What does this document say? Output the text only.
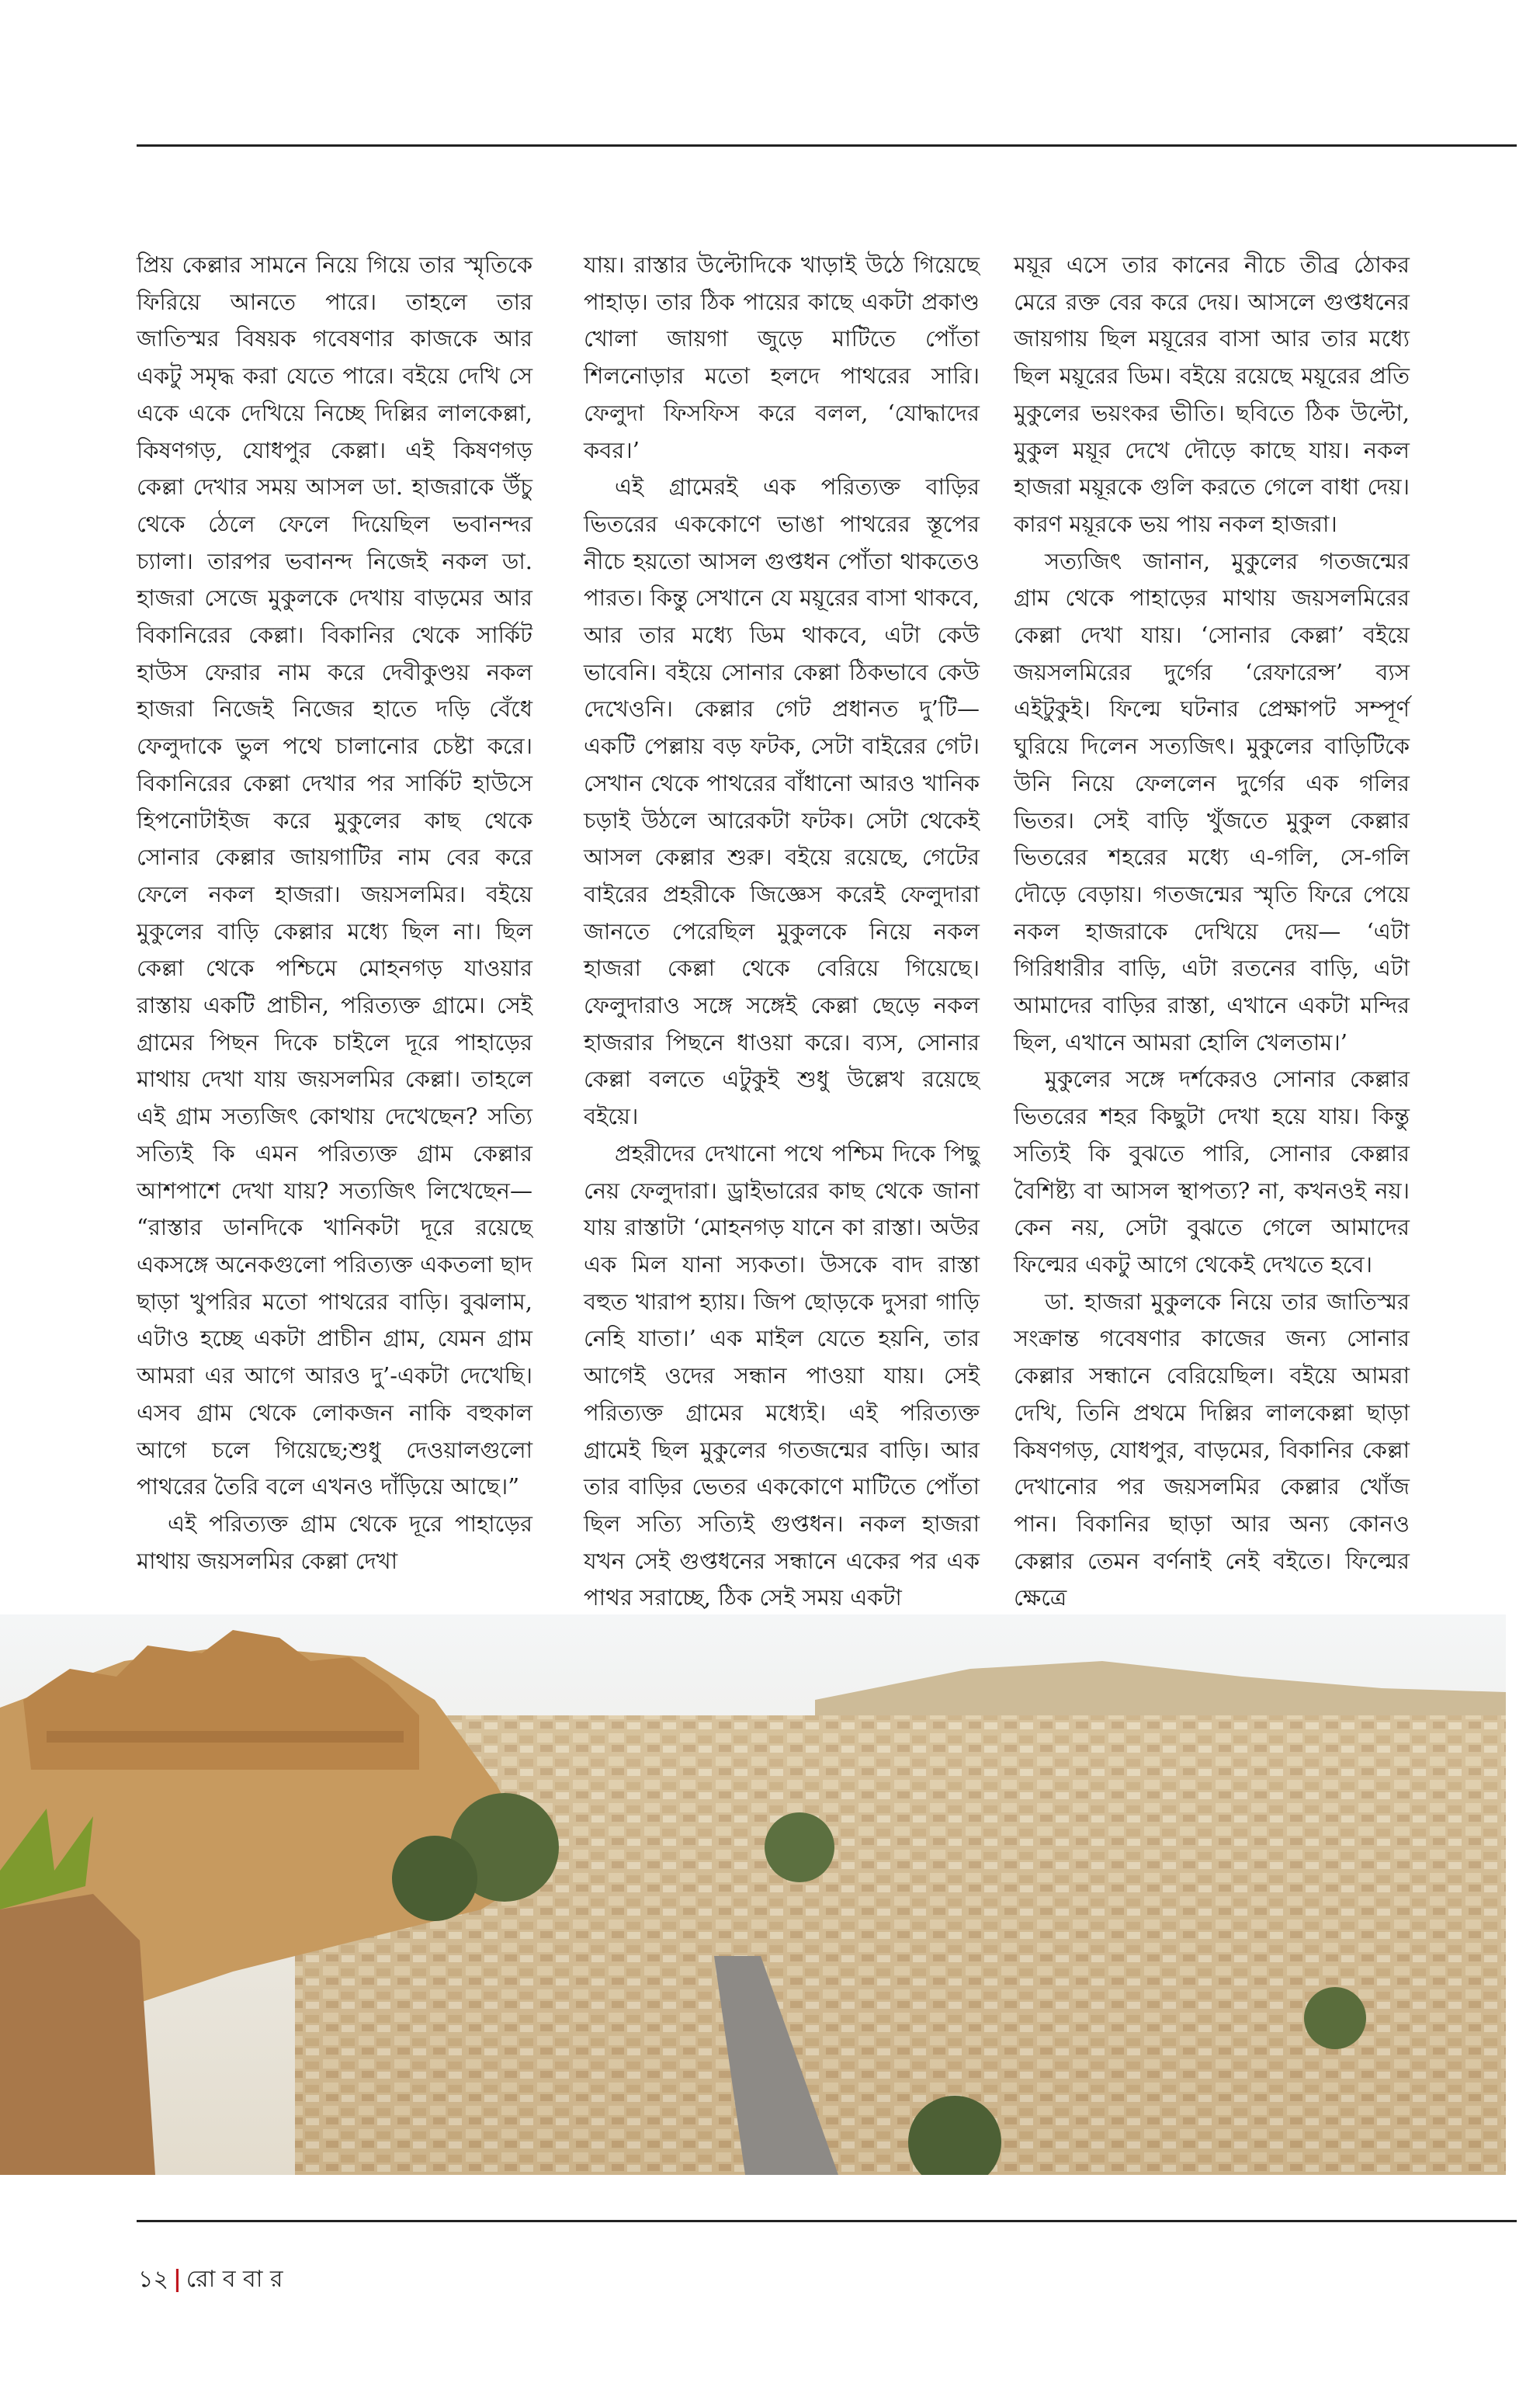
প্রিয় কেল্লার সামনে নিয়ে গিয়ে তার স্মৃতিকে ফিরিয়ে আনতে পারে। তাহলে তার জাতিস্মর বিষয়ক গবেষণার কাজকে আর একটু সমৃদ্ধ করা যেতে পারে। বইয়ে দেখি সে একে একে দেখিয়ে নিচ্ছে দিল্লির লালকেল্লা, কিষণগড়, যোধপুর কেল্লা। এই কিষণগড় কেল্লা দেখার সময় আসল ডা. হাজরাকে উঁচু থেকে ঠেলে ফেলে দিয়েছিল ভবানন্দর চ্যালা। তারপর ভবানন্দ নিজেই নকল ডা. হাজরা সেজে মুকুলকে দেখায় বাড়মের আর বিকানিরের কেল্লা। বিকানির থেকে সার্কিট হাউস ফেরার নাম করে দেবীকুণ্ডয় নকল হাজরা নিজেই নিজের হাতে দড়ি বেঁধে ফেলুদাকে ভুল পথে চালানোর চেষ্টা করে। বিকানিরের কেল্লা দেখার পর সার্কিট হাউসে হিপনোটাইজ করে মুকুলের কাছ থেকে সোনার কেল্লার জায়গাটির নাম বের করে ফেলে নকল হাজরা। জয়সলমির। বইয়ে মুকুলের বাড়ি কেল্লার মধ্যে ছিল না। ছিল কেল্লা থেকে পশ্চিমে মোহনগড় যাওয়ার রাস্তায় একটি প্রাচীন, পরিত্যক্ত গ্রামে। সেই গ্রামের পিছন দিকে চাইলে দূরে পাহাড়ের মাথায় দেখা যায় জয়সলমির কেল্লা। তাহলে এই গ্রাম সত্যজিৎ কোথায় দেখেছেন? সত্যি সত্যিই কি এমন পরিত্যক্ত গ্রাম কেল্লার আশপাশে দেখা যায়? সত্যজিৎ লিখেছেন— “রাস্তার ডানদিকে খানিকটা দূরে রয়েছে একসঙ্গে অনেকগুলো পরিত্যক্ত একতলা ছাদ ছাড়া খুপরির মতো পাথরের বাড়ি। বুঝলাম, এটাও হচ্ছে একটা প্রাচীন গ্রাম, যেমন গ্রাম আমরা এর আগে আরও দু’-একটা দেখেছি। এসব গ্রাম থেকে লোকজন নাকি বহুকাল আগে চলে গিয়েছে;শুধু দেওয়ালগুলো পাথরের তৈরি বলে এখনও দাঁড়িয়ে আছে।”

এই পরিত্যক্ত গ্রাম থেকে দূরে পাহাড়ের মাথায় জয়সলমির কেল্লা দেখা

যায়। রাস্তার উল্টোদিকে খাড়াই উঠে গিয়েছে পাহাড়। তার ঠিক পায়ের কাছে একটা প্রকাণ্ড খোলা জায়গা জুড়ে মাটিতে পোঁতা শিলনোড়ার মতো হলদে পাথরের সারি। ফেলুদা ফিসফিস করে বলল, ‘যোদ্ধাদের কবর।’

এই গ্রামেরই এক পরিত্যক্ত বাড়ির ভিতরের এককোণে ভাঙা পাথরের স্তূপের নীচে হয়তো আসল গুপ্তধন পোঁতা থাকতেও পারত। কিন্তু সেখানে যে ময়ূরের বাসা থাকবে, আর তার মধ্যে ডিম থাকবে, এটা কেউ ভাবেনি। বইয়ে সোনার কেল্লা ঠিকভাবে কেউ দেখেওনি। কেল্লার গেট প্রধানত দু’টি— একটি পেল্লায় বড় ফটক, সেটা বাইরের গেট। সেখান থেকে পাথরের বাঁধানো আরও খানিক চড়াই উঠলে আরেকটা ফটক। সেটা থেকেই আসল কেল্লার শুরু। বইয়ে রয়েছে, গেটের বাইরের প্রহরীকে জিজ্ঞেস করেই ফেলুদারা জানতে পেরেছিল মুকুলকে নিয়ে নকল হাজরা কেল্লা থেকে বেরিয়ে গিয়েছে। ফেলুদারাও সঙ্গে সঙ্গেই কেল্লা ছেড়ে নকল হাজরার পিছনে ধাওয়া করে। ব্যস, সোনার কেল্লা বলতে এটুকুই শুধু উল্লেখ রয়েছে বইয়ে।

প্রহরীদের দেখানো পথে পশ্চিম দিকে পিছু নেয় ফেলুদারা। ড্রাইভারের কাছ থেকে জানা যায় রাস্তাটা ‘মোহনগড় যানে কা রাস্তা। অউর এক মিল যানা স্যকতা। উসকে বাদ রাস্তা বহুত খারাপ হ্যায়। জিপ ছোড়কে দুসরা গাড়ি নেহি যাতা।’ এক মাইল যেতে হয়নি, তার আগেই ওদের সন্ধান পাওয়া যায়। সেই পরিত্যক্ত গ্রামের মধ্যেই। এই পরিত্যক্ত গ্রামেই ছিল মুকুলের গতজন্মের বাড়ি। আর তার বাড়ির ভেতর এককোণে মাটিতে পোঁতা ছিল সত্যি সত্যিই গুপ্তধন। নকল হাজরা যখন সেই গুপ্তধনের সন্ধানে একের পর এক পাথর সরাচ্ছে, ঠিক সেই সময় একটা

ময়ূর এসে তার কানের নীচে তীব্র ঠোকর মেরে রক্ত বের করে দেয়। আসলে গুপ্তধনের জায়গায় ছিল ময়ূরের বাসা আর তার মধ্যে ছিল ময়ূরের ডিম। বইয়ে রয়েছে ময়ূরের প্রতি মুকুলের ভয়ংকর ভীতি। ছবিতে ঠিক উল্টো, মুকুল ময়ূর দেখে দৌড়ে কাছে যায়। নকল হাজরা ময়ূরকে গুলি করতে গেলে বাধা দেয়। কারণ ময়ূরকে ভয় পায় নকল হাজরা।

সত্যজিৎ জানান, মুকুলের গতজন্মের গ্রাম থেকে পাহাড়ের মাথায় জয়সলমিরের কেল্লা দেখা যায়। ‘সোনার কেল্লা’ বইয়ে জয়সলমিরের দুর্গের ‘রেফারেন্স’ ব্যস এইটুকুই। ফিল্মে ঘটনার প্রেক্ষাপট সম্পূর্ণ ঘুরিয়ে দিলেন সত্যজিৎ। মুকুলের বাড়িটিকে উনি নিয়ে ফেললেন দুর্গের এক গলির ভিতর। সেই বাড়ি খুঁজতে মুকুল কেল্লার ভিতরের শহরের মধ্যে এ-গলি, সে-গলি দৌড়ে বেড়ায়। গতজন্মের স্মৃতি ফিরে পেয়ে নকল হাজরাকে দেখিয়ে দেয়— ‘এটা গিরিধারীর বাড়ি, এটা রতনের বাড়ি, এটা আমাদের বাড়ির রাস্তা, এখানে একটা মন্দির ছিল, এখানে আমরা হোলি খেলতাম।’

মুকুলের সঙ্গে দর্শকেরও সোনার কেল্লার ভিতরের শহর কিছুটা দেখা হয়ে যায়। কিন্তু সত্যিই কি বুঝতে পারি, সোনার কেল্লার বৈশিষ্ট্য বা আসল স্থাপত্য? না, কখনওই নয়। কেন নয়, সেটা বুঝতে গেলে আমাদের ফিল্মের একটু আগে থেকেই দেখতে হবে।

ডা. হাজরা মুকুলকে নিয়ে তার জাতিস্মর সংক্রান্ত গবেষণার কাজের জন্য সোনার কেল্লার সন্ধানে বেরিয়েছিল। বইয়ে আমরা দেখি, তিনি প্রথমে দিল্লির লালকেল্লা ছাড়া কিষণগড়, যোধপুর, বাড়মের, বিকানির কেল্লা দেখানোর পর জয়সলমির কেল্লার খোঁজ পান। বিকানির ছাড়া আর অন্য কোনও কেল্লার তেমন বর্ণনাই নেই বইতে। ফিল্মের ক্ষেত্রে

১২ | রো ব বা র
